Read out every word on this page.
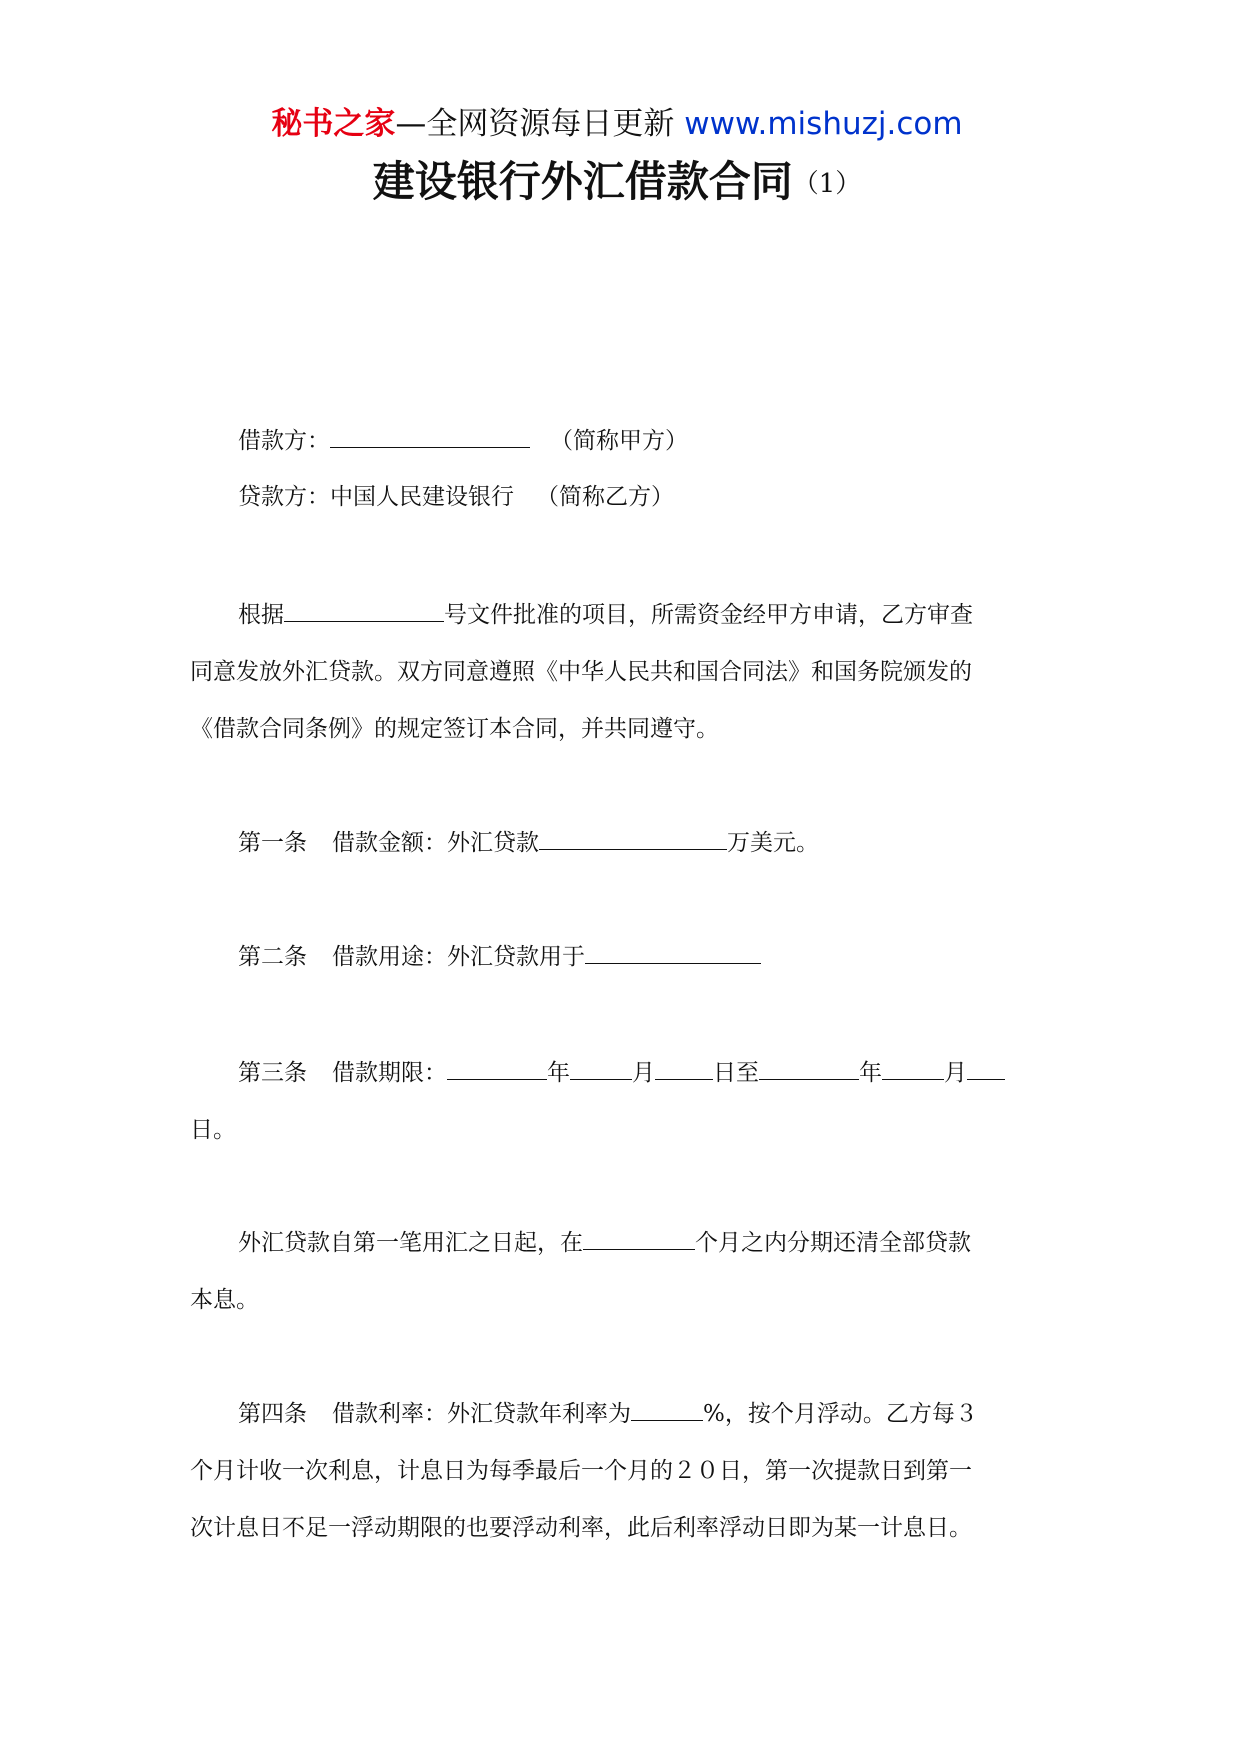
秘书之家—全网资源每日更新 www.mishuzj.com
建设银行外汇借款合同（1）
借款方：	（简称甲方）
贷款方：中国人民建设银行 （简称乙方）
根据	号文件批准的项目，所需资金经甲方申请，乙方审查
同意发放外汇贷款。双方同意遵照《中华人民共和国合同法》和国务院颁发的
《借款合同条例》的规定签订本合同，并共同遵守。
第一条 借款金额：外汇贷款	万美元。
第二条 借款用途：外汇贷款用于
第三条 借款期限：	年	月	日至	年	月
日。
外汇贷款自第一笔用汇之日起，在	个月之内分期还清全部贷款
本息。
第四条 借款利率：外汇贷款年利率为	%，按个月浮动。乙方每３
个月计收一次利息，计息日为每季最后一个月的２０日，第一次提款日到第一
次计息日不足一浮动期限的也要浮动利率，此后利率浮动日即为某一计息日。
